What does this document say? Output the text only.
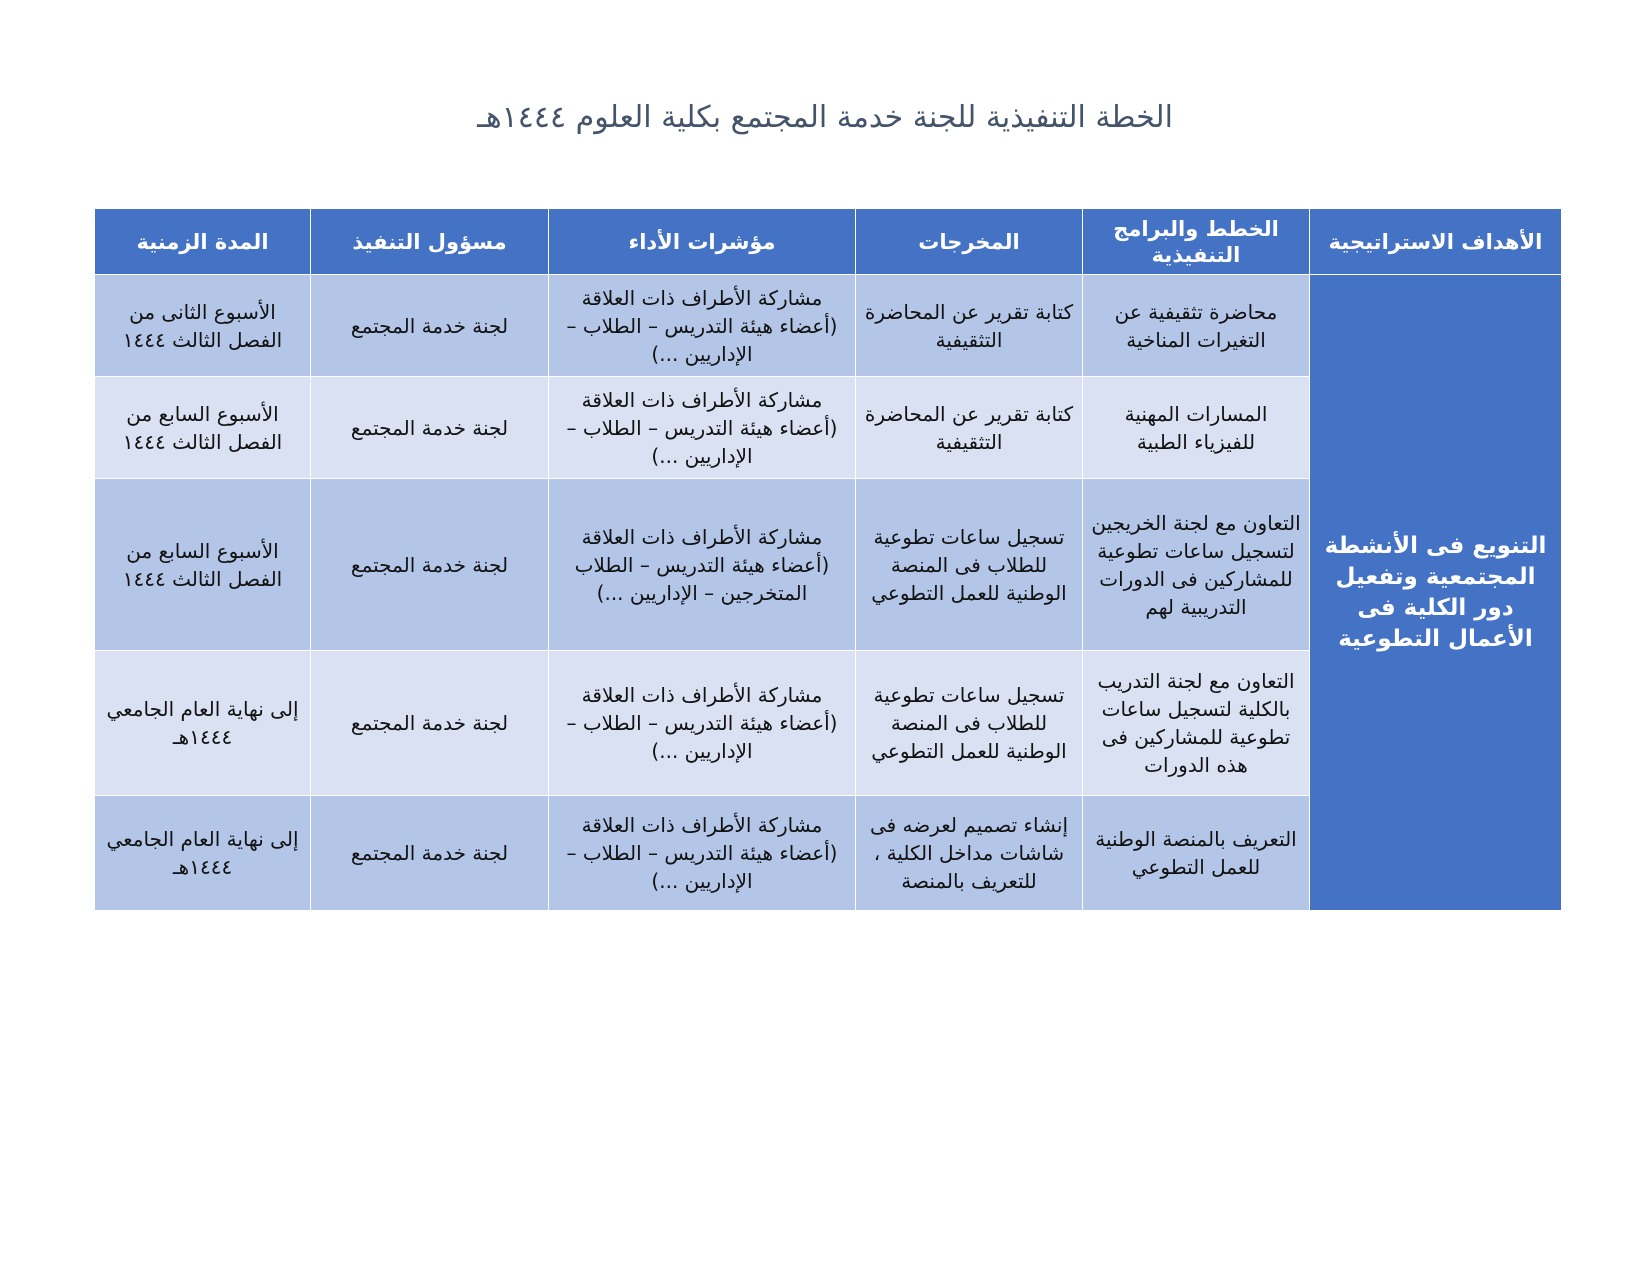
الخطة التنفيذية للجنة خدمة المجتمع بكلية العلوم ١٤٤٤هـ
الأهداف الاستراتيجية	الخطط والبرامج التنفيذية	المخرجات	مؤشرات الأداء	مسؤول التنفيذ	المدة الزمنية
التنويع فى الأنشطة المجتمعية وتفعيل دور الكلية فى الأعمال التطوعية	محاضرة تثقيفية عن التغيرات المناخية	كتابة تقرير عن المحاضرة التثقيفية	مشاركة الأطراف ذات العلاقة (أعضاء هيئة التدريس – الطلاب – الإداريين ...)	لجنة خدمة المجتمع	الأسبوع الثانى من الفصل الثالث ١٤٤٤
	المسارات المهنية للفيزياء الطبية	كتابة تقرير عن المحاضرة التثقيفية	مشاركة الأطراف ذات العلاقة (أعضاء هيئة التدريس – الطلاب – الإداريين ...)	لجنة خدمة المجتمع	الأسبوع السابع من الفصل الثالث ١٤٤٤
	التعاون مع لجنة الخريجين لتسجيل ساعات تطوعية للمشاركين فى الدورات التدريبية لهم	تسجيل ساعات تطوعية للطلاب فى المنصة الوطنية للعمل التطوعي	مشاركة الأطراف ذات العلاقة (أعضاء هيئة التدريس – الطلاب المتخرجين – الإداريين ...)	لجنة خدمة المجتمع	الأسبوع السابع من الفصل الثالث ١٤٤٤
	التعاون مع لجنة التدريب بالكلية لتسجيل ساعات تطوعية للمشاركين فى هذه الدورات	تسجيل ساعات تطوعية للطلاب فى المنصة الوطنية للعمل التطوعي	مشاركة الأطراف ذات العلاقة (أعضاء هيئة التدريس – الطلاب – الإداريين ...)	لجنة خدمة المجتمع	إلى نهاية العام الجامعي ١٤٤٤هـ
	التعريف بالمنصة الوطنية للعمل التطوعي	إنشاء تصميم لعرضه فى شاشات مداخل الكلية ، للتعريف بالمنصة	مشاركة الأطراف ذات العلاقة (أعضاء هيئة التدريس – الطلاب – الإداريين ...)	لجنة خدمة المجتمع	إلى نهاية العام الجامعي ١٤٤٤هـ
